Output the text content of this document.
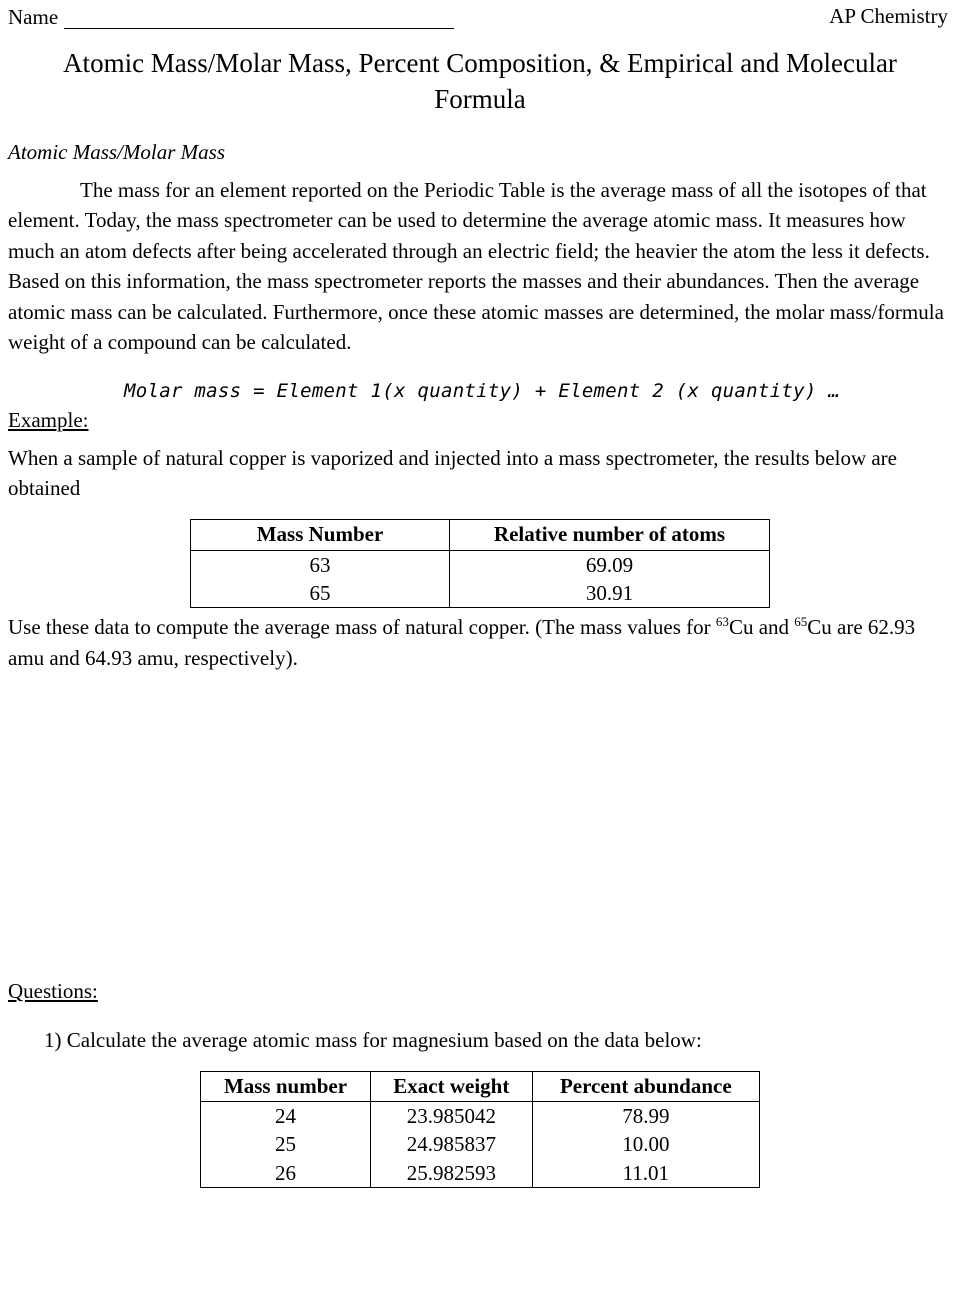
Name	AP Chemistry
Atomic Mass/Molar Mass, Percent Composition, & Empirical and Molecular Formula
Atomic Mass/Molar Mass
The mass for an element reported on the Periodic Table is the average mass of all the isotopes of that element. Today, the mass spectrometer can be used to determine the average atomic mass. It measures how much an atom defects after being accelerated through an electric field; the heavier the atom the less it defects. Based on this information, the mass spectrometer reports the masses and their abundances. Then the average atomic mass can be calculated. Furthermore, once these atomic masses are determined, the molar mass/formula weight of a compound can be calculated.
Molar mass = Element 1(x quantity) + Element 2 (x quantity) …
Example:
When a sample of natural copper is vaporized and injected into a mass spectrometer, the results below are obtained
Mass Number	Relative number of atoms
63	69.09
65	30.91
Use these data to compute the average mass of natural copper. (The mass values for $^{63}$Cu and $^{65}$Cu are 62.93 amu and 64.93 amu, respectively).
Questions:
1) Calculate the average atomic mass for magnesium based on the data below:
Mass number	Exact weight	Percent abundance
24	23.985042	78.99
25	24.985837	10.00
26	25.982593	11.01
